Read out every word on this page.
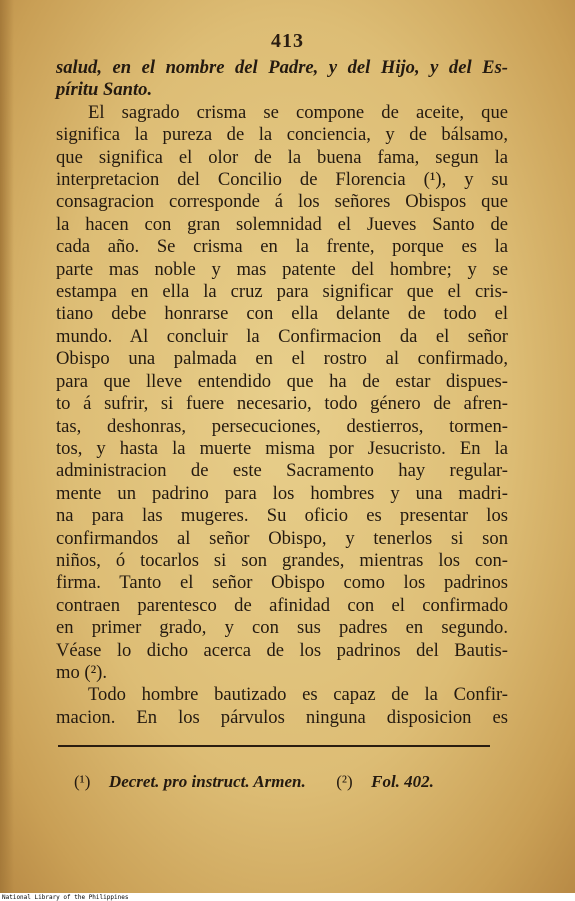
413
salud, en el nombre del Padre, y del Hijo, y del Es-
píritu Santo.
El sagrado crisma se compone de aceite, que
significa la pureza de la conciencia, y de bálsamo,
que significa el olor de la buena fama, segun la
interpretacion del Concilio de Florencia (¹), y su
consagracion corresponde á los señores Obispos que
la hacen con gran solemnidad el Jueves Santo de
cada año. Se crisma en la frente, porque es la
parte mas noble y mas patente del hombre; y se
estampa en ella la cruz para significar que el cris-
tiano debe honrarse con ella delante de todo el
mundo. Al concluir la Confirmacion da el señor
Obispo una palmada en el rostro al confirmado,
para que lleve entendido que ha de estar dispues-
to á sufrir, si fuere necesario, todo género de afren-
tas, deshonras, persecuciones, destierros, tormen-
tos, y hasta la muerte misma por Jesucristo. En la
administracion de este Sacramento hay regular-
mente un padrino para los hombres y una madri-
na para las mugeres. Su oficio es presentar los
confirmandos al señor Obispo, y tenerlos si son
niños, ó tocarlos si son grandes, mientras los con-
firma. Tanto el señor Obispo como los padrinos
contraen parentesco de afinidad con el confirmado
en primer grado, y con sus padres en segundo.
Véase lo dicho acerca de los padrinos del Bautis-
mo (²).
Todo hombre bautizado es capaz de la Confir-
macion. En los párvulos ninguna disposicion es
(¹) Decret. pro instruct. Armen. (²) Fol. 402.
National Library of the Philippines
